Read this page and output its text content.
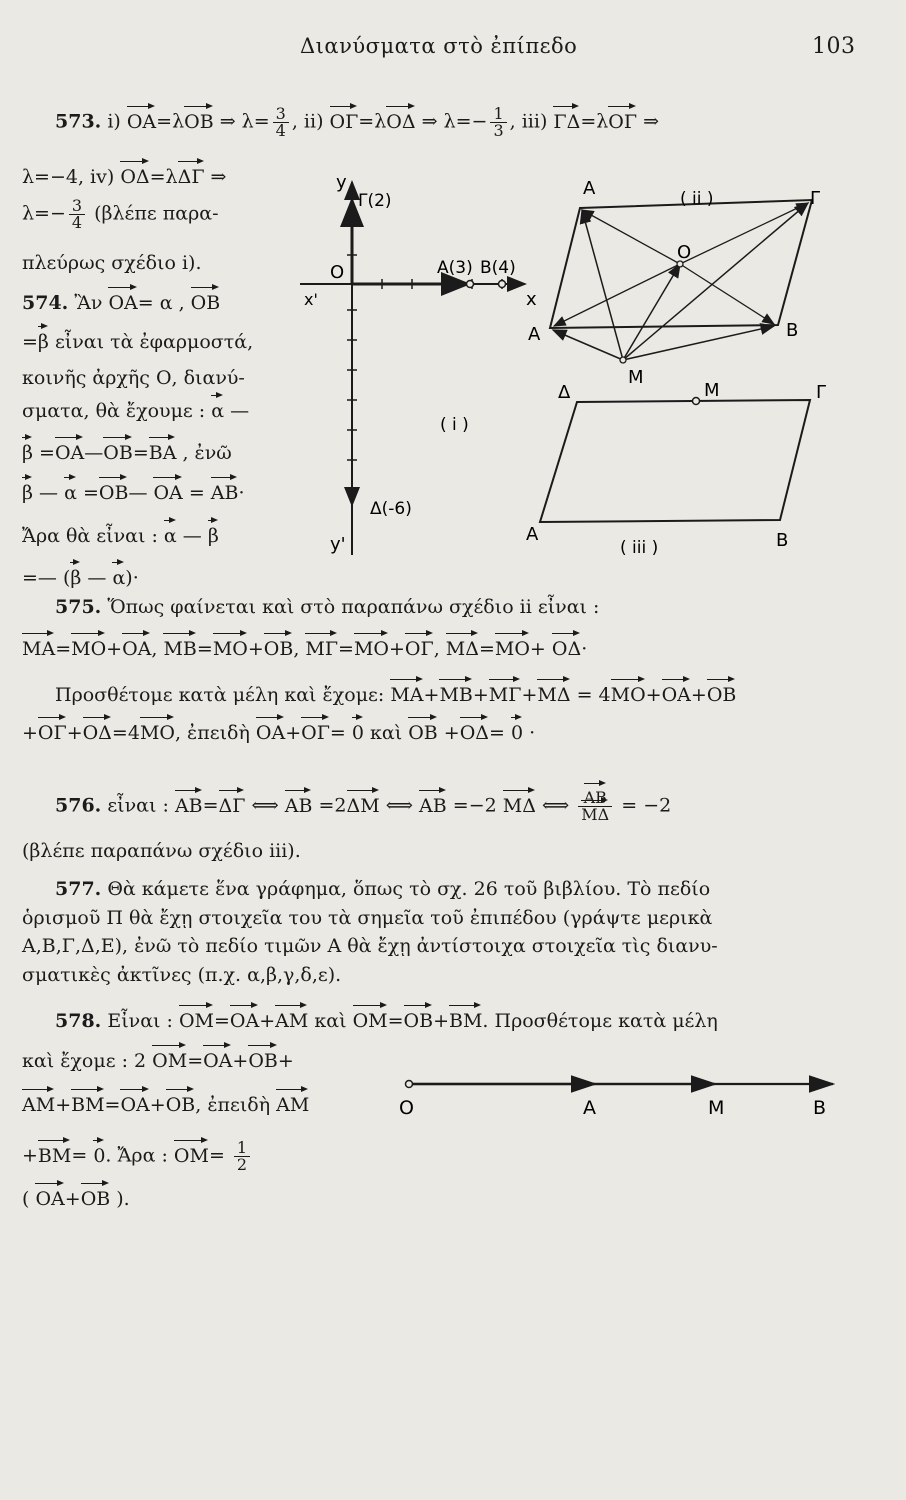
Διανύσματα στὸ ἐπίπεδο	103
573. i) ΟΑ=λΟΒ ⇒ $\lambda= \frac{3}{4}$ , ii) ΟΓ=λΟΔ ⇒ $\lambda=- \frac{1}{3}$ , iii) ΓΔ=λΟΓ ⇒
λ=−4, iv) ΟΔ=λΔΓ ⇒
$\lambda=- \frac{3}{4} (\beta\lambda έ\pi\varepsilon$ παρα-
πλεύρως σχέδιο i).
574. Ἂν ΟΑ= α , ΟΒ
=β εἶναι τὰ ἐφαρμοστά,
κοινῆς ἀρχῆς Ο, διανύ-
σματα, θὰ ἔχουμε : α —
β =ΟΑ—ΟΒ=ΒΑ , ἐνῶ
β — α =ΟΒ— ΟΑ = ΑΒ·
Ἄρα θὰ εἶναι : α — β
=— (β — α)·
y
y'
x
x'
O
Γ(2)
A(3) B(4)
Δ(-6)
( i )
A	( ii )	Γ
O
A
M
B
Δ	M	Γ
A
( iii )	B
575. Ὅπως φαίνεται καὶ στὸ παραπάνω σχέδιο ii εἶναι :
ΜΑ=ΜΟ+ΟΑ, ΜΒ=ΜΟ+ΟΒ, ΜΓ=ΜΟ+ΟΓ, ΜΔ=ΜΟ+ ΟΔ·
Προσθέτομε κατὰ μέλη καὶ ἔχομε: ΜΑ+ΜΒ+ΜΓ+ΜΔ = 4ΜΟ+ΟΑ+ΟΒ
+ΟΓ+ΟΔ=4ΜΟ, ἐπειδὴ ΟΑ+ΟΓ= 0 καὶ ΟΒ +ΟΔ= 0 ·
576. εἶναι : ΑΒ=ΔΓ ⟺ ΑΒ =2ΔΜ ⟺ ΑΒ =−2 ΜΔ ⟺ $\frac{AB}{M\Delta} = -2$
(βλέπε παραπάνω σχέδιο iii).
577. Θὰ κάμετε ἕνα γράφημα, ὅπως τὸ σχ. 26 τοῦ βιβλίου. Τὸ πεδίο
ὁρισμοῦ Π θὰ ἔχῃ στοιχεῖα του τὰ σημεῖα τοῦ ἐπιπέδου (γράψτε μερικὰ
Α,Β,Γ,Δ,Ε), ἐνῶ τὸ πεδίο τιμῶν Α θὰ ἔχῃ ἀντίστοιχα στοιχεῖα τὶς διανυ-
σματικὲς ἀκτῖνες (π.χ. α,β,γ,δ,ε).
578. Εἶναι : ΟΜ=ΟΑ+ΑΜ καὶ ΟΜ=ΟΒ+ΒΜ. Προσθέτομε κατὰ μέλη
καὶ ἔχομε : 2 ΟΜ=ΟΑ+ΟΒ+
ΑΜ+ΒΜ=ΟΑ+ΟΒ, ἐπειδὴ ΑΜ
+ΒΜ= 0. Ἄρα : $OM= \frac{1}{2}$
( ΟΑ+ΟΒ ).
O	A	M	B
